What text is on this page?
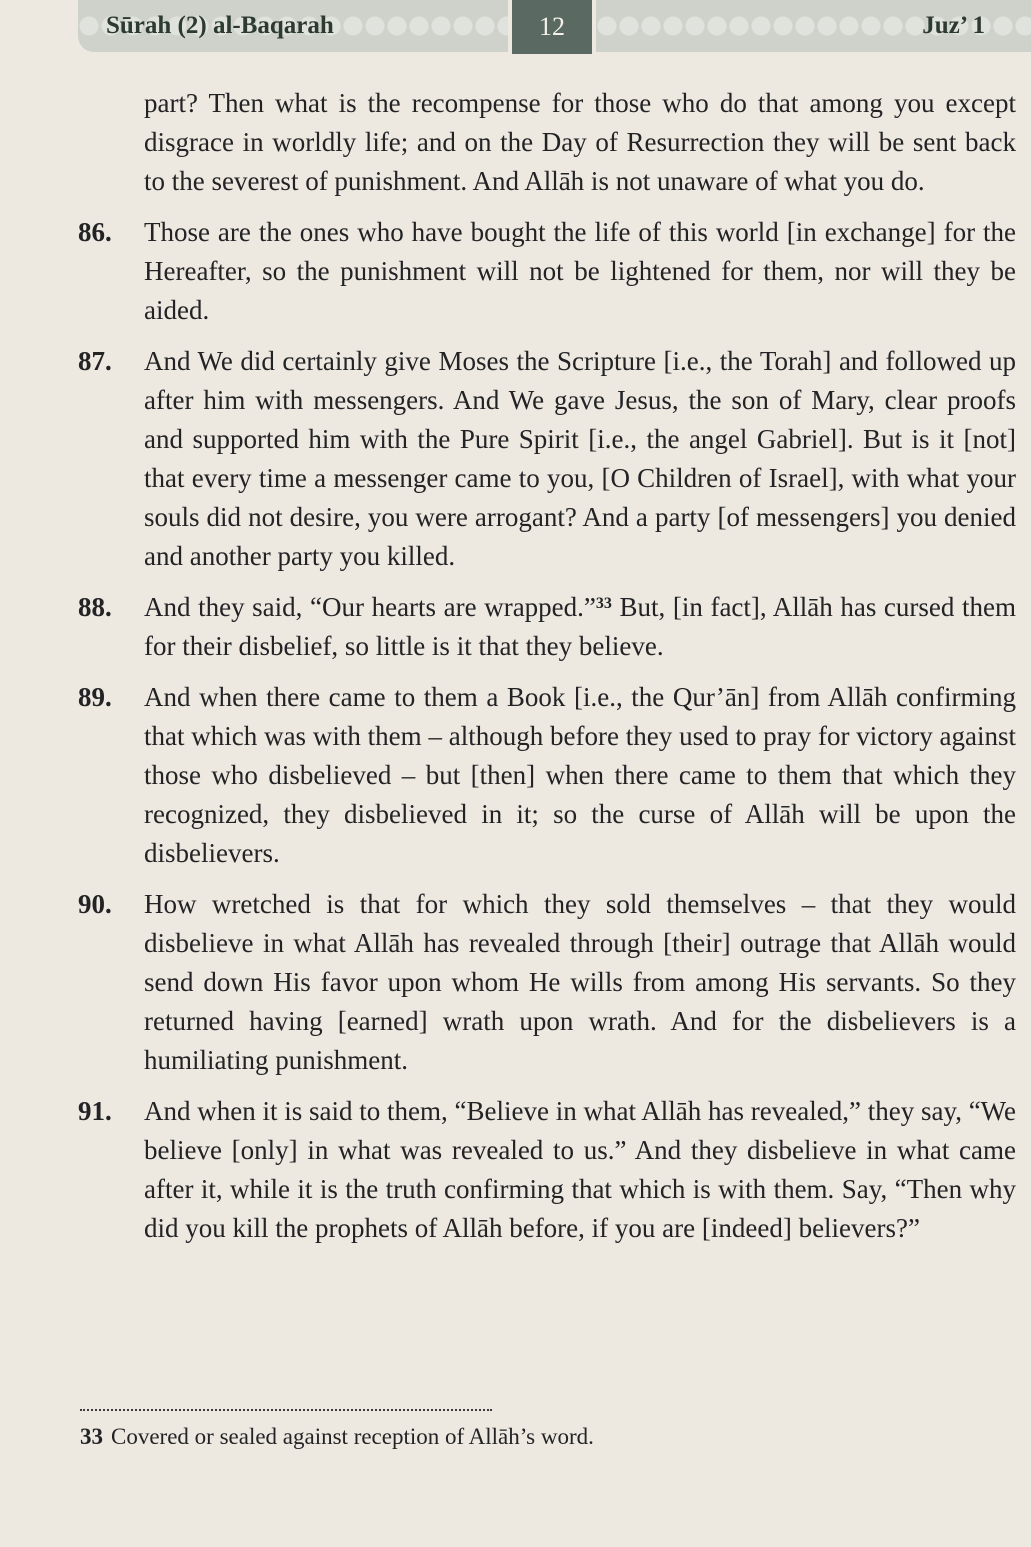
Sūrah (2) al-Baqarah	12	Juz’ 1
part? Then what is the recompense for those who do that among you except disgrace in worldly life; and on the Day of Resurrection they will be sent back to the severest of punishment. And Allāh is not unaware of what you do.
86. Those are the ones who have bought the life of this world [in exchange] for the Hereafter, so the punishment will not be lightened for them, nor will they be aided.
87. And We did certainly give Moses the Scripture [i.e., the Torah] and followed up after him with messengers. And We gave Jesus, the son of Mary, clear proofs and supported him with the Pure Spirit [i.e., the angel Gabriel]. But is it [not] that every time a messenger came to you, [O Children of Israel], with what your souls did not desire, you were arrogant? And a party [of messengers] you denied and another party you killed.
88. And they said, “Our hearts are wrapped.”$^{33}$ But, [in fact], Allāh has cursed them for their disbelief, so little is it that they believe.
89. And when there came to them a Book [i.e., the Qur’ān] from Allāh confirming that which was with them – although before they used to pray for victory against those who disbelieved – but [then] when there came to them that which they recognized, they disbelieved in it; so the curse of Allāh will be upon the disbelievers.
90. How wretched is that for which they sold themselves – that they would disbelieve in what Allāh has revealed through [their] outrage that Allāh would send down His favor upon whom He wills from among His servants. So they returned having [earned] wrath upon wrath. And for the disbelievers is a humiliating punishment.
91. And when it is said to them, “Believe in what Allāh has revealed,” they say, “We believe [only] in what was revealed to us.” And they disbelieve in what came after it, while it is the truth confirming that which is with them. Say, “Then why did you kill the prophets of Allāh before, if you are [indeed] believers?”
33 Covered or sealed against reception of Allāh’s word.
